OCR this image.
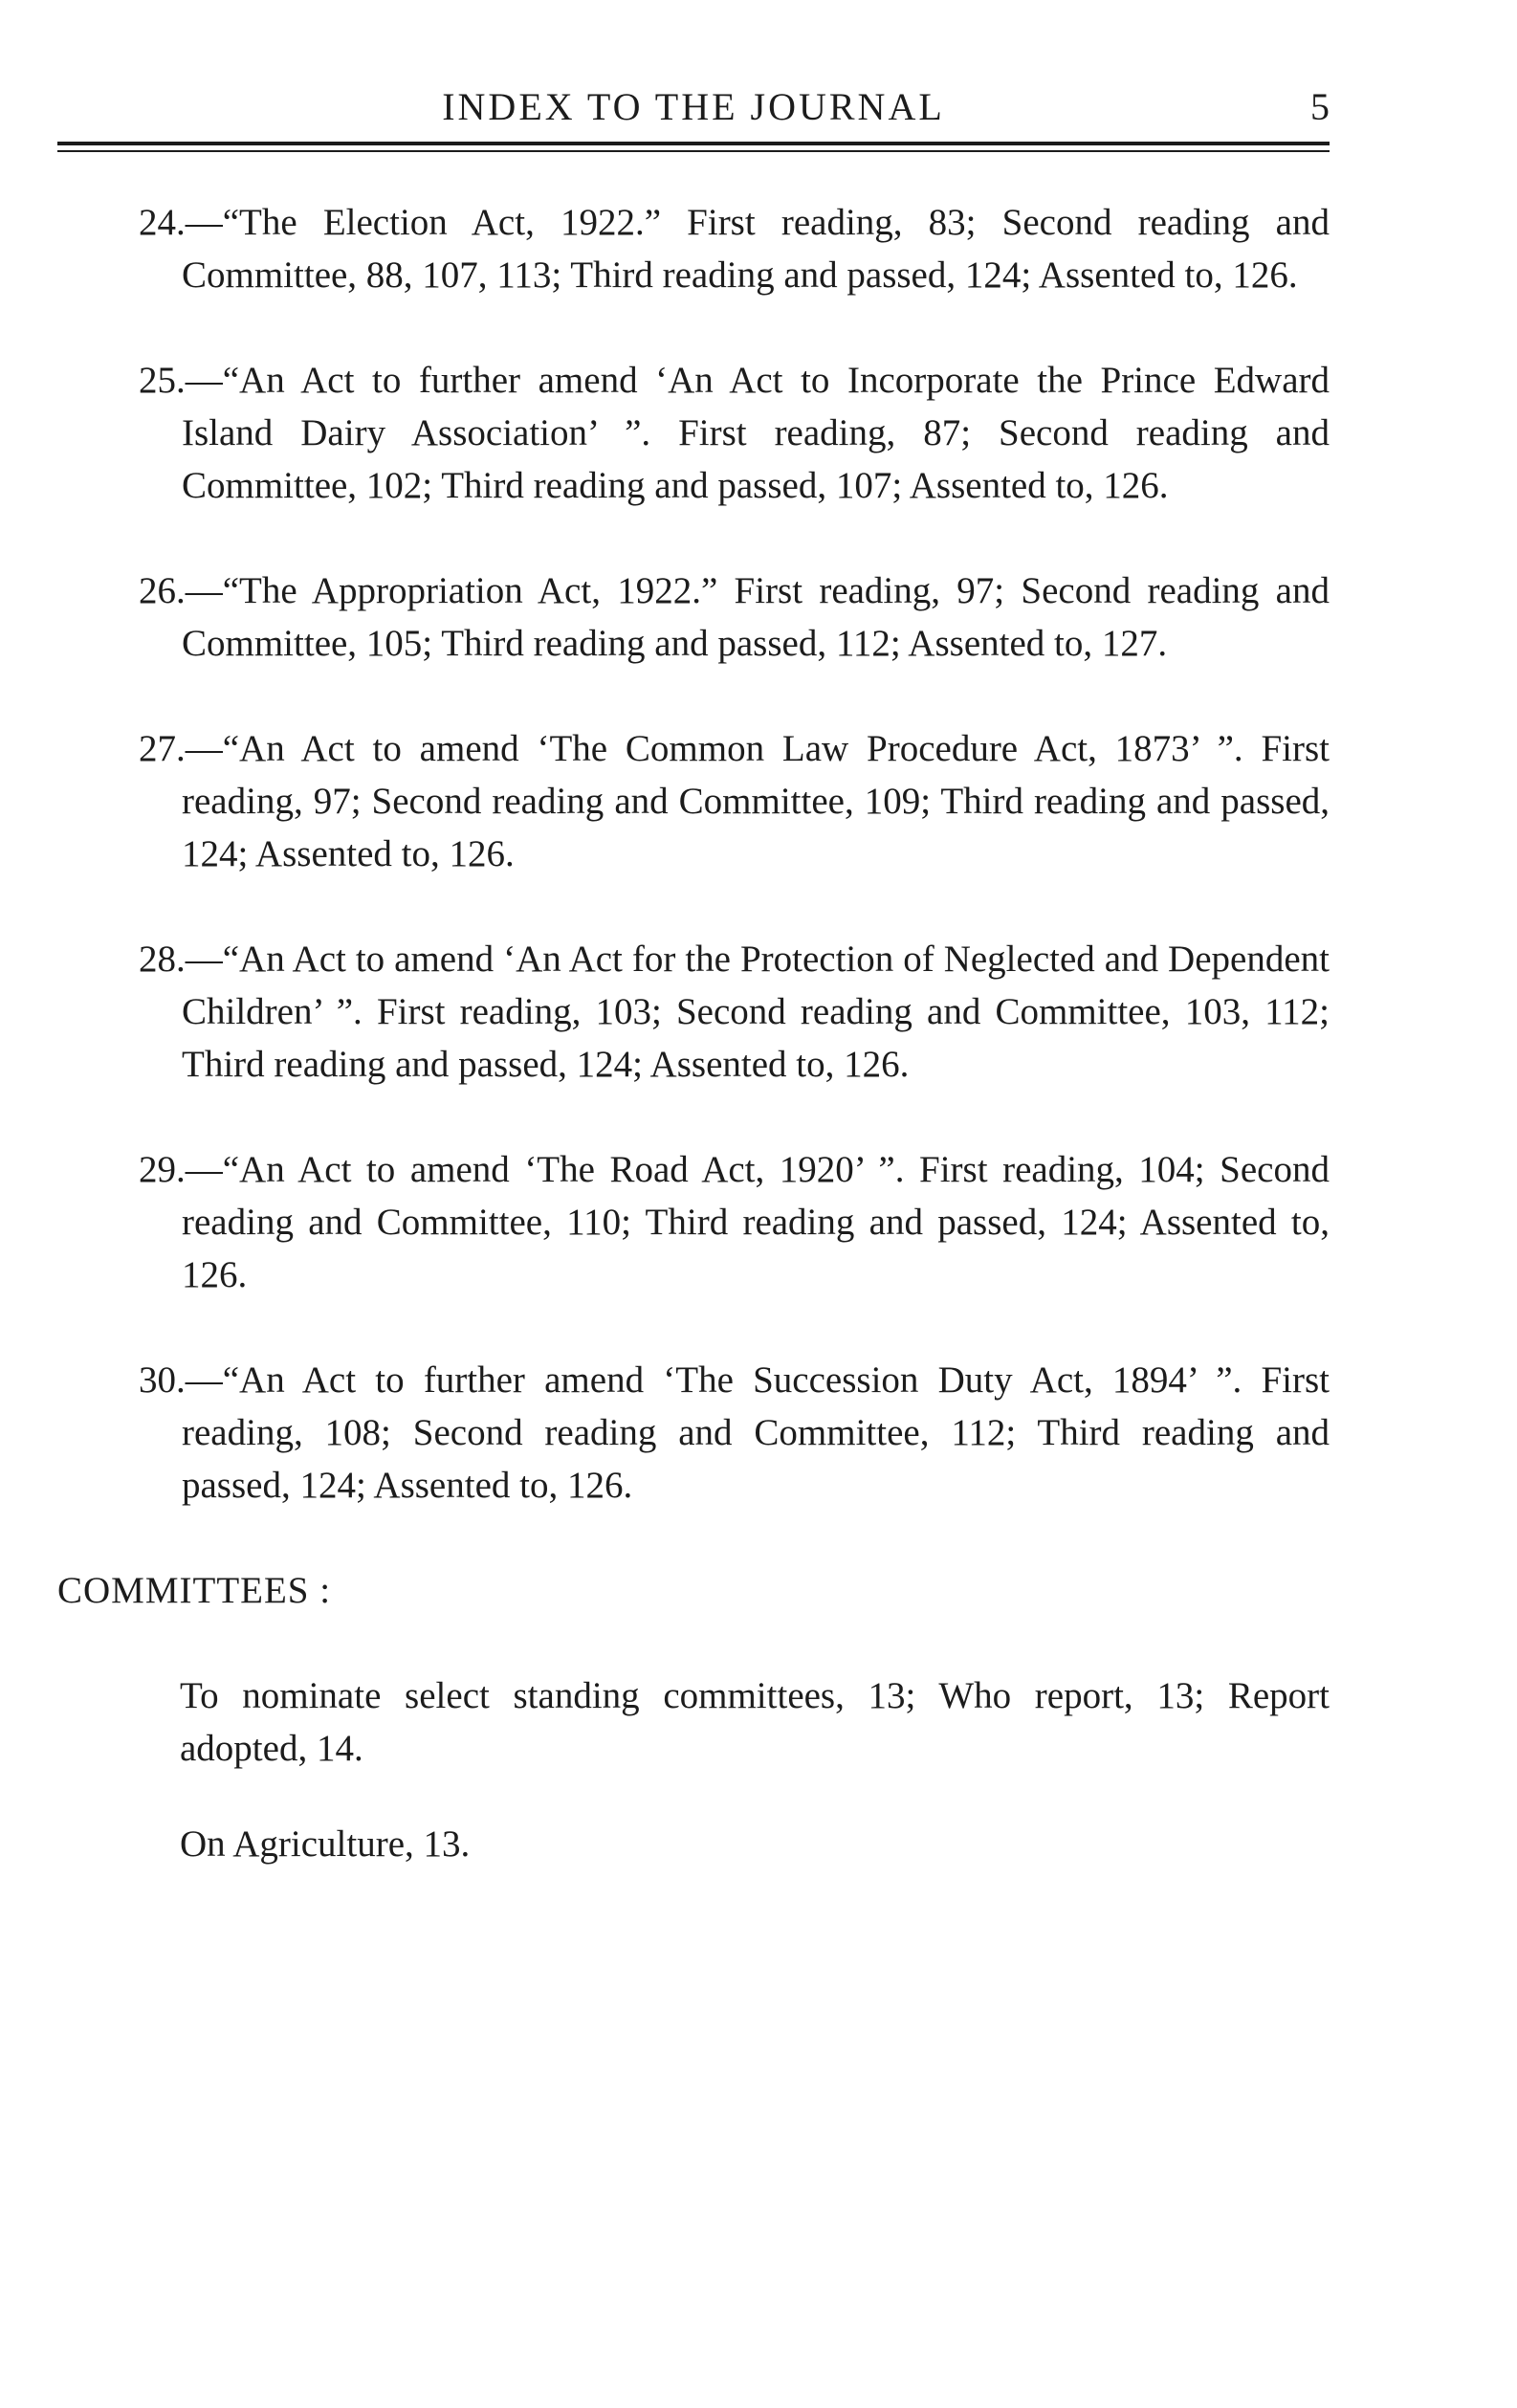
INDEX TO THE JOURNAL	5

24.—“The Election Act, 1922.” First reading, 83; Second reading and Committee, 88, 107, 113; Third reading and passed, 124; Assented to, 126.

25.—“An Act to further amend ‘An Act to Incorporate the Prince Edward Island Dairy Association’ ”. First reading, 87; Second reading and Committee, 102; Third reading and passed, 107; Assented to, 126.

26.—“The Appropriation Act, 1922.” First reading, 97; Second reading and Committee, 105; Third reading and passed, 112; Assented to, 127.

27.—“An Act to amend ‘The Common Law Procedure Act, 1873’ ”. First reading, 97; Second reading and Committee, 109; Third reading and passed, 124; Assented to, 126.

28.—“An Act to amend ‘An Act for the Protection of Neglected and Dependent Children’ ”. First reading, 103; Second reading and Committee, 103, 112; Third reading and passed, 124; Assented to, 126.

29.—“An Act to amend ‘The Road Act, 1920’ ”. First reading, 104; Second reading and Committee, 110; Third reading and passed, 124; Assented to, 126.

30.—“An Act to further amend ‘The Succession Duty Act, 1894’ ”. First reading, 108; Second reading and Committee, 112; Third reading and passed, 124; Assented to, 126.

COMMITTEES :

To nominate select standing committees, 13; Who report, 13; Report adopted, 14.

On Agriculture, 13.
